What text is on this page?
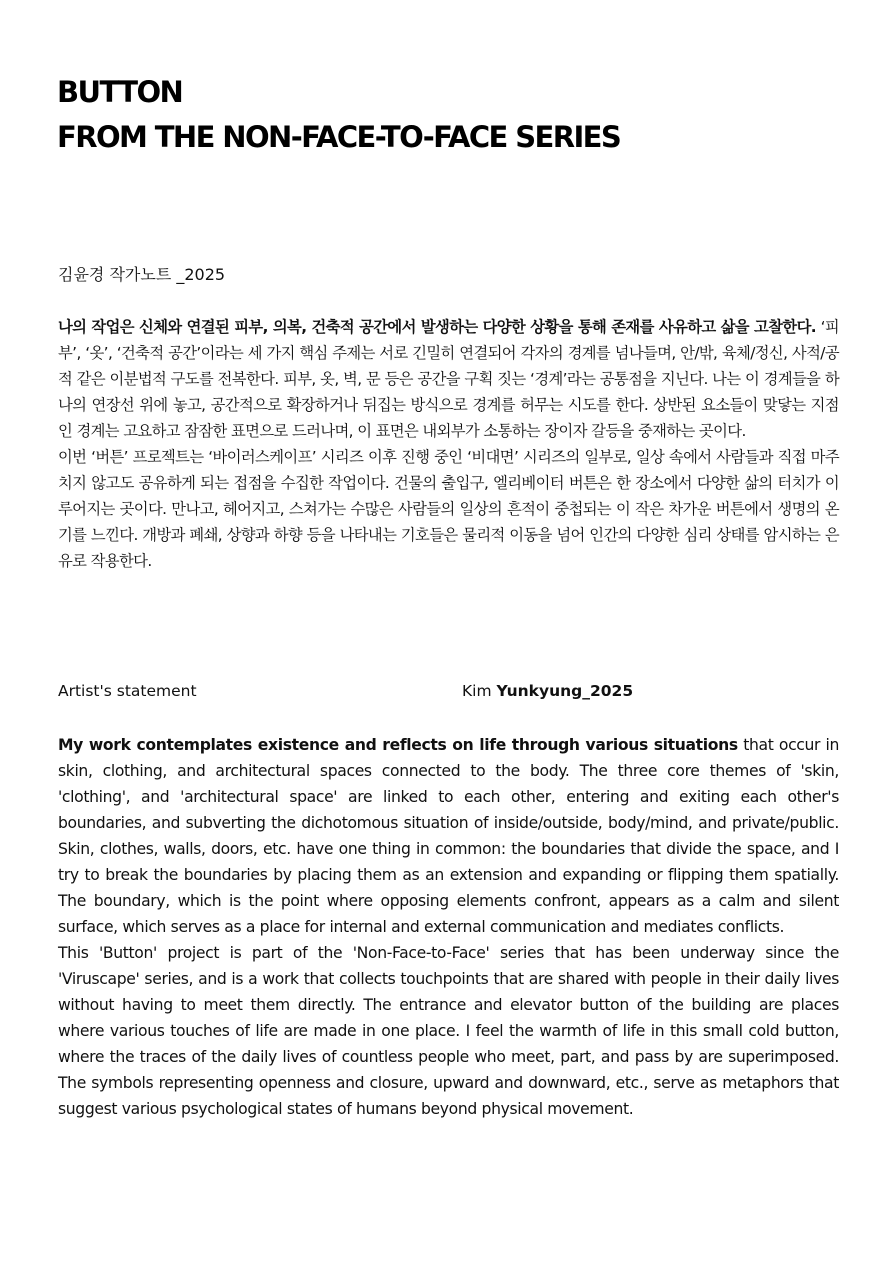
BUTTON
FROM THE NON-FACE-TO-FACE SERIES
김윤경 작가노트 _2025

나의 작업은 신체와 연결된 피부, 의복, 건축적 공간에서 발생하는 다양한 상황을 통해 존재를 사유하고 삶을 고찰한다. ‘피부’, ‘옷’, ‘건축적 공간’이라는 세 가지 핵심 주제는 서로 긴밀히 연결되어 각자의 경계를 넘나들며, 안/밖, 육체/정신, 사적/공적 같은 이분법적 구도를 전복한다. 피부, 옷, 벽, 문 등은 공간을 구획 짓는 ‘경계’라는 공통점을 지닌다. 나는 이 경계들을 하나의 연장선 위에 놓고, 공간적으로 확장하거나 뒤집는 방식으로 경계를 허무는 시도를 한다. 상반된 요소들이 맞닿는 지점인 경계는 고요하고 잠잠한 표면으로 드러나며, 이 표면은 내외부가 소통하는 장이자 갈등을 중재하는 곳이다.

이번 ‘버튼’ 프로젝트는 ‘바이러스케이프’ 시리즈 이후 진행 중인 ‘비대면’ 시리즈의 일부로, 일상 속에서 사람들과 직접 마주치지 않고도 공유하게 되는 접점을 수집한 작업이다. 건물의 출입구, 엘리베이터 버튼은 한 장소에서 다양한 삶의 터치가 이루어지는 곳이다. 만나고, 헤어지고, 스쳐가는 수많은 사람들의 일상의 흔적이 중첩되는 이 작은 차가운 버튼에서 생명의 온기를 느낀다. 개방과 폐쇄, 상향과 하향 등을 나타내는 기호들은 물리적 이동을 넘어 인간의 다양한 심리 상태를 암시하는 은유로 작용한다.

Artist's statement	Kim Yunkyung_2025

My work contemplates existence and reflects on life through various situations that occur in skin, clothing, and architectural spaces connected to the body. The three core themes of 'skin, 'clothing', and 'architectural space' are linked to each other, entering and exiting each other's boundaries, and subverting the dichotomous situation of inside/outside, body/mind, and private/public. Skin, clothes, walls, doors, etc. have one thing in common: the boundaries that divide the space, and I try to break the boundaries by placing them as an extension and expanding or flipping them spatially. The boundary, which is the point where opposing elements confront, appears as a calm and silent surface, which serves as a place for internal and external communication and mediates conflicts.

This 'Button' project is part of the 'Non-Face-to-Face' series that has been underway since the 'Viruscape' series, and is a work that collects touchpoints that are shared with people in their daily lives without having to meet them directly. The entrance and elevator button of the building are places where various touches of life are made in one place. I feel the warmth of life in this small cold button, where the traces of the daily lives of countless people who meet, part, and pass by are superimposed. The symbols representing openness and closure, upward and downward, etc., serve as metaphors that suggest various psychological states of humans beyond physical movement.
